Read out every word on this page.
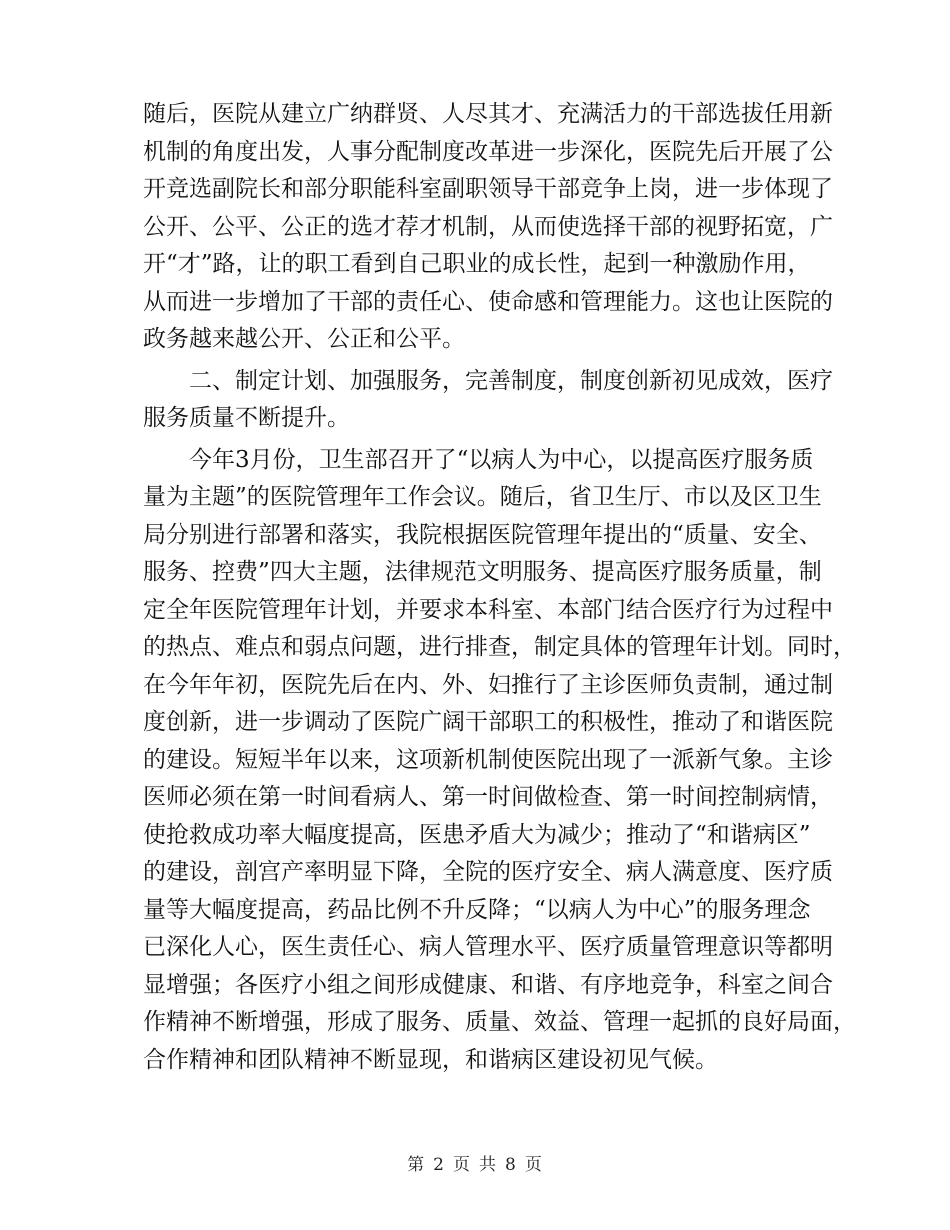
随后，医院从建立广纳群贤、人尽其才、充满活力的干部选拔任用新
机制的角度出发，人事分配制度改革进一步深化，医院先后开展了公
开竞选副院长和部分职能科室副职领导干部竞争上岗，进一步体现了
公开、公平、公正的选才荐才机制，从而使选择干部的视野拓宽，广
开“才”路，让的职工看到自己职业的成长性，起到一种激励作用，
从而进一步增加了干部的责任心、使命感和管理能力。这也让医院的
政务越来越公开、公正和公平。
二、制定计划、加强服务，完善制度，制度创新初见成效，医疗
服务质量不断提升。
今年3月份，卫生部召开了“以病人为中心，以提高医疗服务质
量为主题”的医院管理年工作会议。随后，省卫生厅、市以及区卫生
局分别进行部署和落实，我院根据医院管理年提出的“质量、安全、
服务、控费”四大主题，法律规范文明服务、提高医疗服务质量，制
定全年医院管理年计划，并要求本科室、本部门结合医疗行为过程中
的热点、难点和弱点问题，进行排查，制定具体的管理年计划。同时，
在今年年初，医院先后在内、外、妇推行了主诊医师负责制，通过制
度创新，进一步调动了医院广阔干部职工的积极性，推动了和谐医院
的建设。短短半年以来，这项新机制使医院出现了一派新气象。主诊
医师必须在第一时间看病人、第一时间做检查、第一时间控制病情，
使抢救成功率大幅度提高，医患矛盾大为减少；推动了“和谐病区”
的建设，剖宫产率明显下降，全院的医疗安全、病人满意度、医疗质
量等大幅度提高，药品比例不升反降；“以病人为中心”的服务理念
已深化人心，医生责任心、病人管理水平、医疗质量管理意识等都明
显增强；各医疗小组之间形成健康、和谐、有序地竞争，科室之间合
作精神不断增强，形成了服务、质量、效益、管理一起抓的良好局面，
合作精神和团队精神不断显现，和谐病区建设初见气候。
第 2 页 共 8 页
